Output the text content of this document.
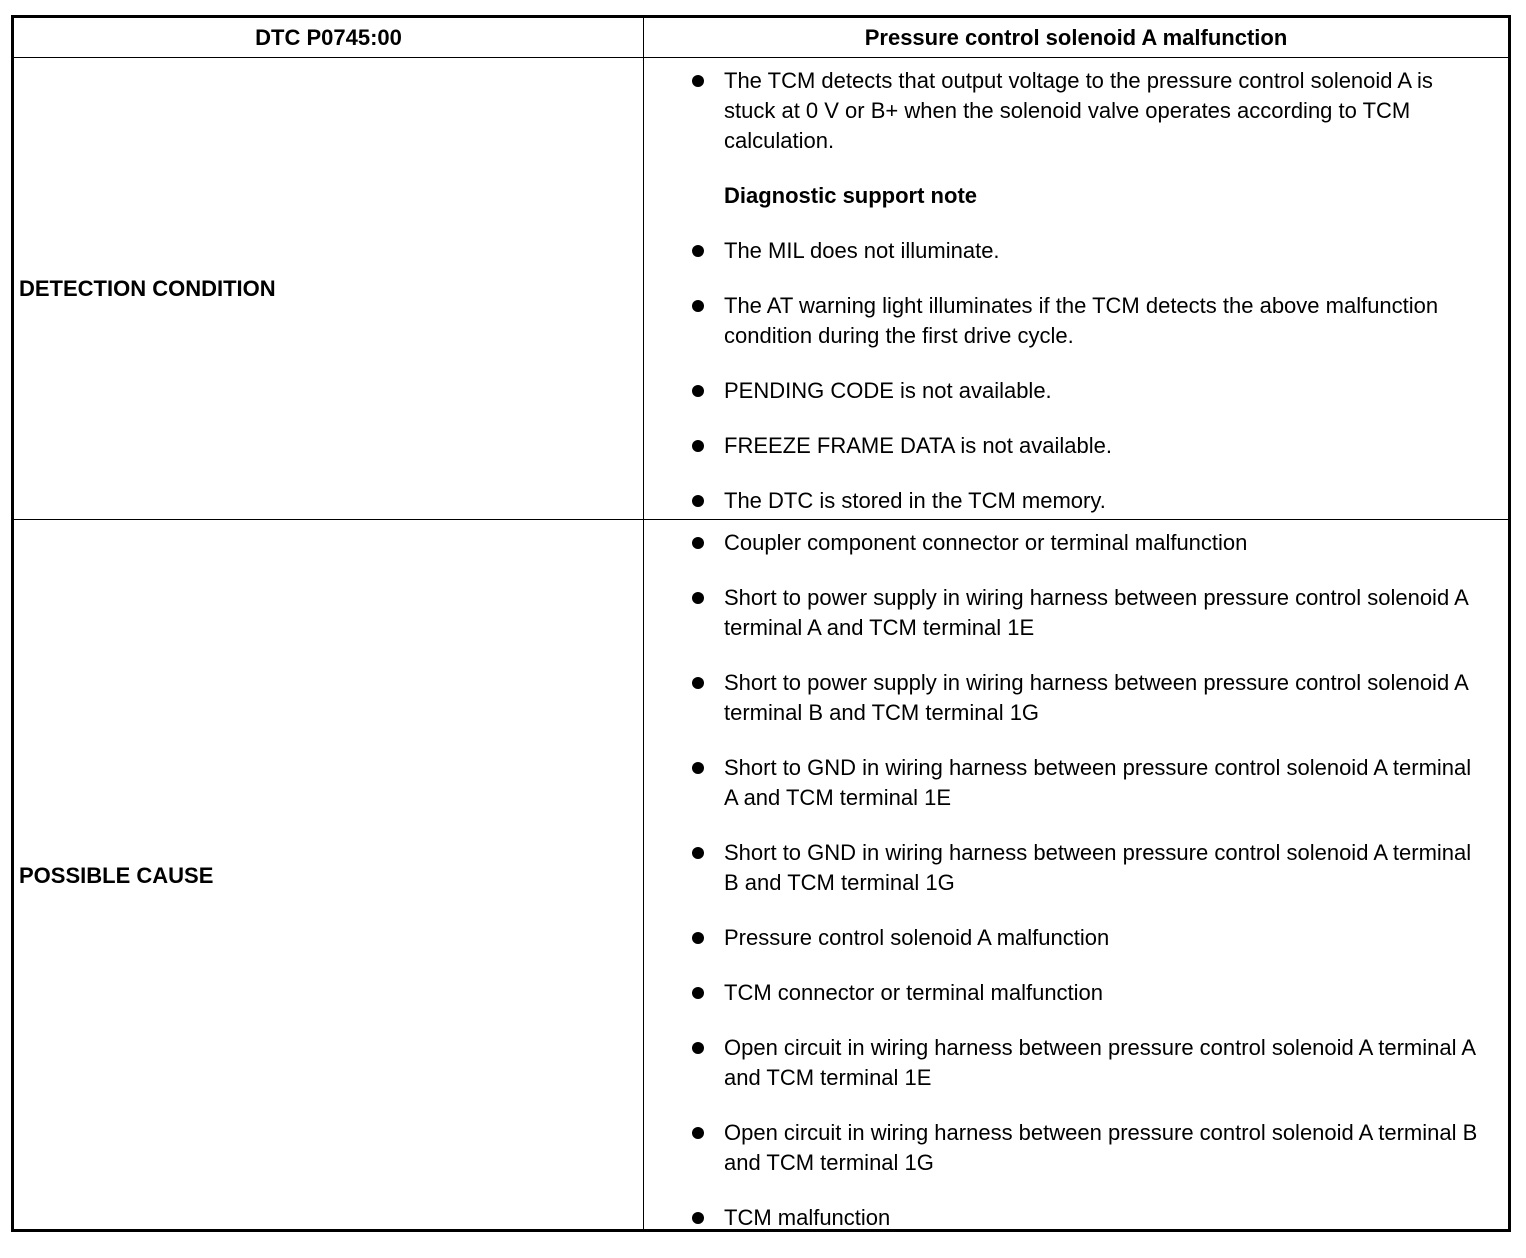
DTC P0745:00	Pressure control solenoid A malfunction
DETECTION CONDITION
The TCM detects that output voltage to the pressure control solenoid A is stuck at 0 V or B+ when the solenoid valve operates according to TCM calculation.
Diagnostic support note
The MIL does not illuminate.
The AT warning light illuminates if the TCM detects the above malfunction condition during the first drive cycle.
PENDING CODE is not available.
FREEZE FRAME DATA is not available.
The DTC is stored in the TCM memory.
POSSIBLE CAUSE
Coupler component connector or terminal malfunction
Short to power supply in wiring harness between pressure control solenoid A terminal A and TCM terminal 1E
Short to power supply in wiring harness between pressure control solenoid A terminal B and TCM terminal 1G
Short to GND in wiring harness between pressure control solenoid A terminal A and TCM terminal 1E
Short to GND in wiring harness between pressure control solenoid A terminal B and TCM terminal 1G
Pressure control solenoid A malfunction
TCM connector or terminal malfunction
Open circuit in wiring harness between pressure control solenoid A terminal A and TCM terminal 1E
Open circuit in wiring harness between pressure control solenoid A terminal B and TCM terminal 1G
TCM malfunction
